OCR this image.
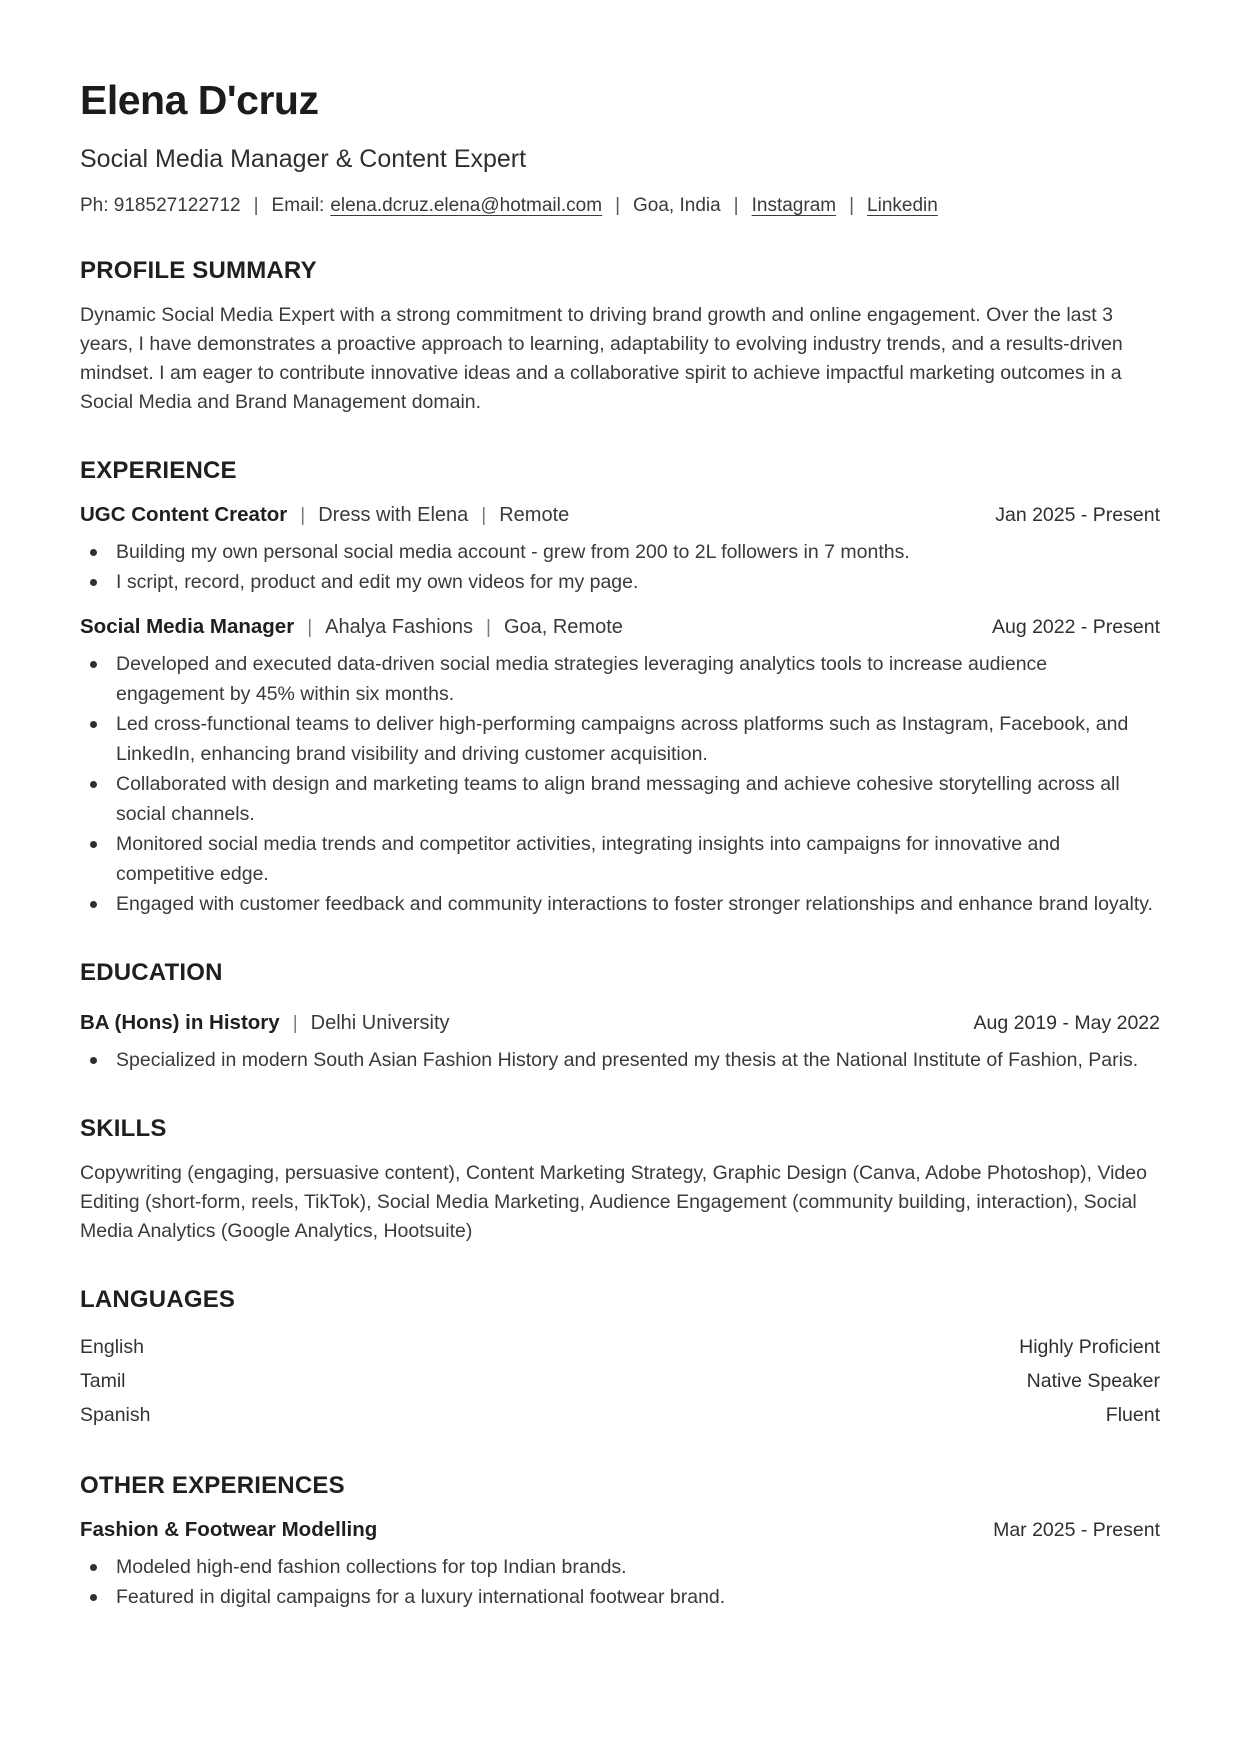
Elena D'cruz
Social Media Manager & Content Expert
Ph: 918527122712 | Email: elena.dcruz.elena@hotmail.com | Goa, India | Instagram | Linkedin
PROFILE SUMMARY
Dynamic Social Media Expert with a strong commitment to driving brand growth and online engagement. Over the last 3 years, I have demonstrates a proactive approach to learning, adaptability to evolving industry trends, and a results-driven mindset. I am eager to contribute innovative ideas and a collaborative spirit to achieve impactful marketing outcomes in a Social Media and Brand Management domain.
EXPERIENCE
UGC Content Creator | Dress with Elena | Remote	Jan 2025 - Present
Building my own personal social media account - grew from 200 to 2L followers in 7 months.
I script, record, product and edit my own videos for my page.
Social Media Manager | Ahalya Fashions | Goa, Remote	Aug 2022 - Present
Developed and executed data-driven social media strategies leveraging analytics tools to increase audience engagement by 45% within six months.
Led cross-functional teams to deliver high-performing campaigns across platforms such as Instagram, Facebook, and LinkedIn, enhancing brand visibility and driving customer acquisition.
Collaborated with design and marketing teams to align brand messaging and achieve cohesive storytelling across all social channels.
Monitored social media trends and competitor activities, integrating insights into campaigns for innovative and competitive edge.
Engaged with customer feedback and community interactions to foster stronger relationships and enhance brand loyalty.
EDUCATION
BA (Hons) in History | Delhi University	Aug 2019 - May 2022
Specialized in modern South Asian Fashion History and presented my thesis at the National Institute of Fashion, Paris.
SKILLS
Copywriting (engaging, persuasive content), Content Marketing Strategy, Graphic Design (Canva, Adobe Photoshop), Video Editing (short-form, reels, TikTok), Social Media Marketing, Audience Engagement (community building, interaction), Social Media Analytics (Google Analytics, Hootsuite)
LANGUAGES
English	Highly Proficient
Tamil	Native Speaker
Spanish	Fluent
OTHER EXPERIENCES
Fashion & Footwear Modelling	Mar 2025 - Present
Modeled high-end fashion collections for top Indian brands.
Featured in digital campaigns for a luxury international footwear brand.
